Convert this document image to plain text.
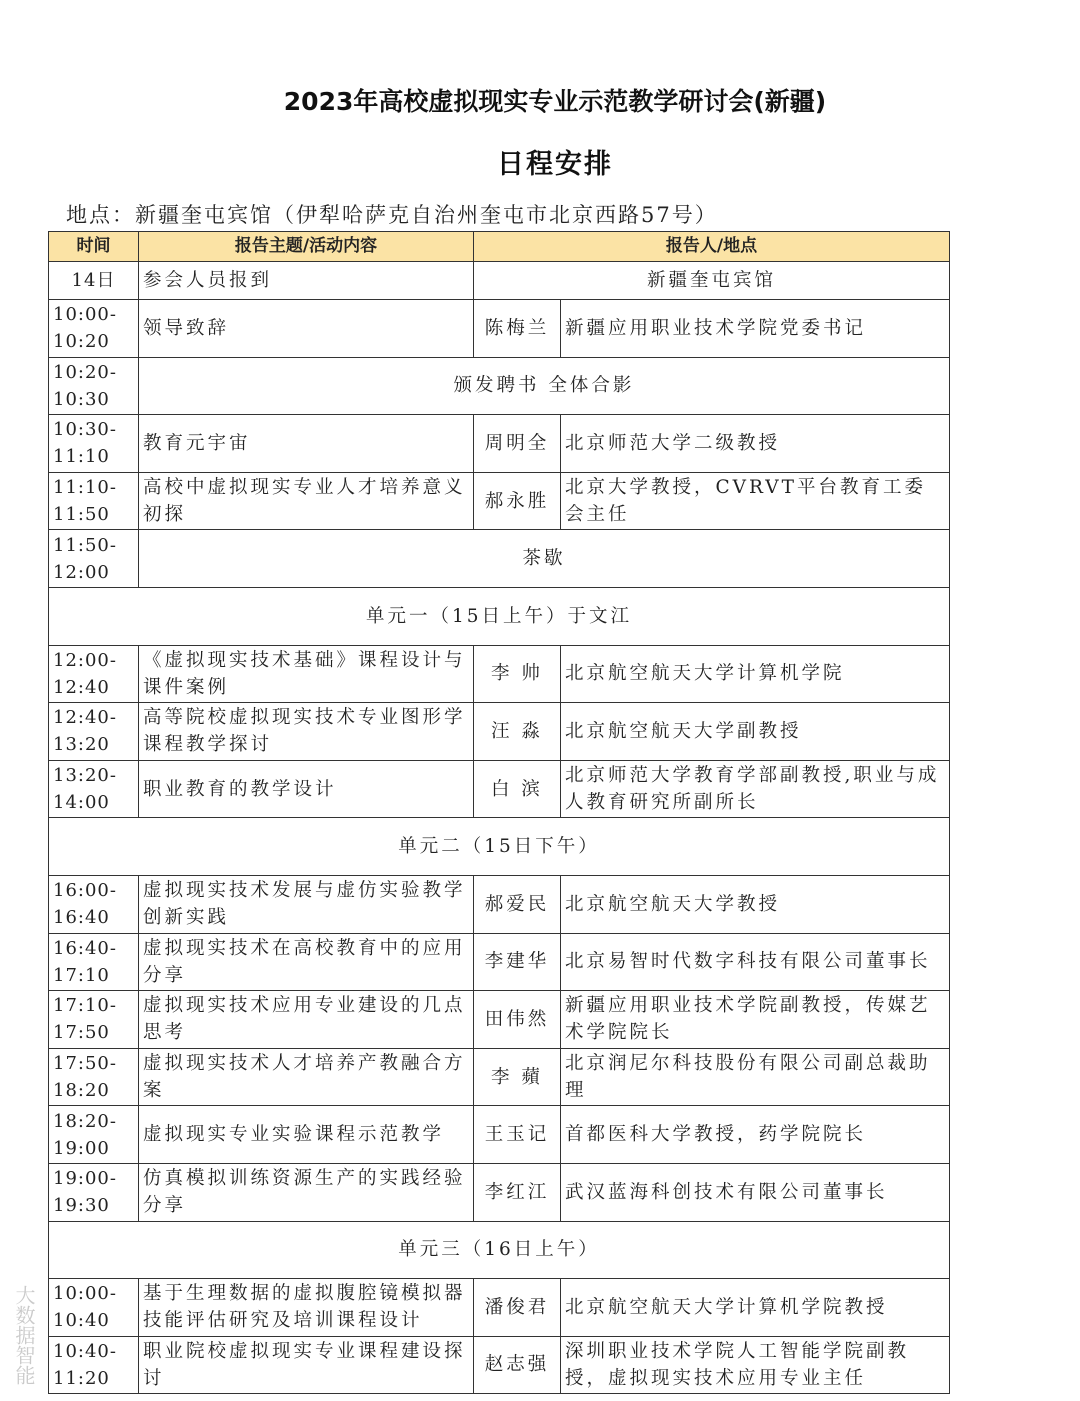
2023年高校虚拟现实专业示范教学研讨会(新疆)
日程安排
地点：新疆奎屯宾馆（伊犁哈萨克自治州奎屯市北京西路57号）
时间	报告主题/活动内容	报告人/地点	
14日	参会人员报到	新疆奎屯宾馆	
10:00-10:20	领导致辞	陈梅兰	新疆应用职业技术学院党委书记
10:20-10:30	颁发聘书 全体合影		
10:30-11:10	教育元宇宙	周明全	北京师范大学二级教授
11:10-11:50	高校中虚拟现实专业人才培养意义初探	郝永胜	北京大学教授，CVRVT平台教育工委会主任
11:50-12:00	茶歇		
单元一（15日上午）于文江			
12:00-12:40	《虚拟现实技术基础》课程设计与课件案例	李 帅	北京航空航天大学计算机学院
12:40-13:20	高等院校虚拟现实技术专业图形学课程教学探讨	汪 淼	北京航空航天大学副教授
13:20-14:00	职业教育的教学设计	白 滨	北京师范大学教育学部副教授,职业与成人教育研究所副所长
单元二（15日下午）			
16:00-16:40	虚拟现实技术发展与虚仿实验教学创新实践	郝爱民	北京航空航天大学教授
16:40-17:10	虚拟现实技术在高校教育中的应用分享	李建华	北京易智时代数字科技有限公司董事长
17:10-17:50	虚拟现实技术应用专业建设的几点思考	田伟然	新疆应用职业技术学院副教授，传媒艺术学院院长
17:50-18:20	虚拟现实技术人才培养产教融合方案	李 蘋	北京润尼尔科技股份有限公司副总裁助理
18:20-19:00	虚拟现实专业实验课程示范教学	王玉记	首都医科大学教授，药学院院长
19:00-19:30	仿真模拟训练资源生产的实践经验分享	李红江	武汉蓝海科创技术有限公司董事长
单元三（16日上午）			
10:00-10:40	基于生理数据的虚拟腹腔镜模拟器技能评估研究及培训课程设计	潘俊君	北京航空航天大学计算机学院教授
10:40-11:20	职业院校虚拟现实专业课程建设探讨	赵志强	深圳职业技术学院人工智能学院副教授，虚拟现实技术应用专业主任
大数据智能
